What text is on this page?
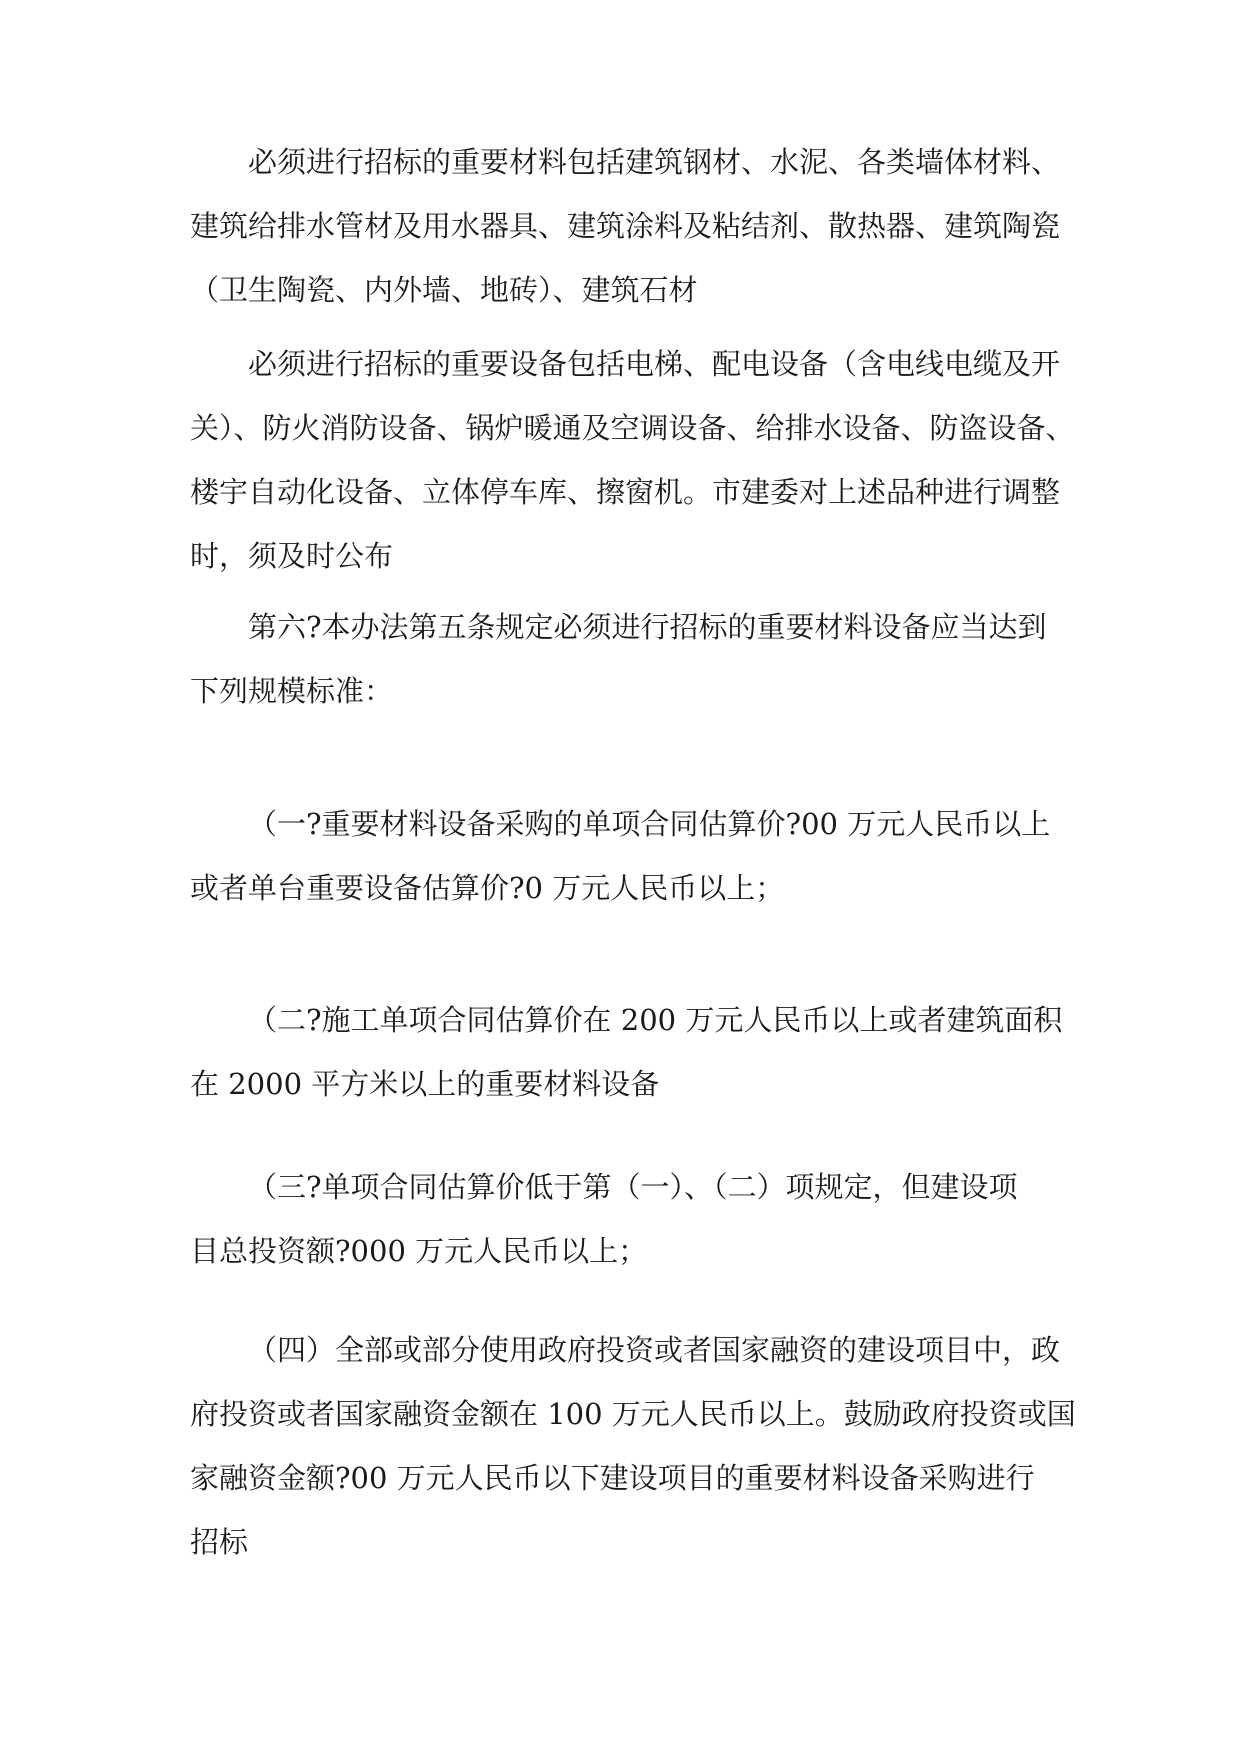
必须进行招标的重要材料包括建筑钢材、水泥、各类墙体材料、
建筑给排水管材及用水器具、建筑涂料及粘结剂、散热器、建筑陶瓷
（卫生陶瓷、内外墙、地砖）、建筑石材
必须进行招标的重要设备包括电梯、配电设备（含电线电缆及开
关）、防火消防设备、锅炉暖通及空调设备、给排水设备、防盗设备、
楼宇自动化设备、立体停车库、擦窗机。市建委对上述品种进行调整
时，须及时公布
第六?本办法第五条规定必须进行招标的重要材料设备应当达到
下列规模标准：
（一?重要材料设备采购的单项合同估算价?00 万元人民币以上
或者单台重要设备估算价?0 万元人民币以上；
（二?施工单项合同估算价在 200 万元人民币以上或者建筑面积
在 2000 平方米以上的重要材料设备
（三?单项合同估算价低于第（一）、（二）项规定，但建设项
目总投资额?000 万元人民币以上；
（四）全部或部分使用政府投资或者国家融资的建设项目中，政
府投资或者国家融资金额在 100 万元人民币以上。鼓励政府投资或国
家融资金额?00 万元人民币以下建设项目的重要材料设备采购进行
招标
